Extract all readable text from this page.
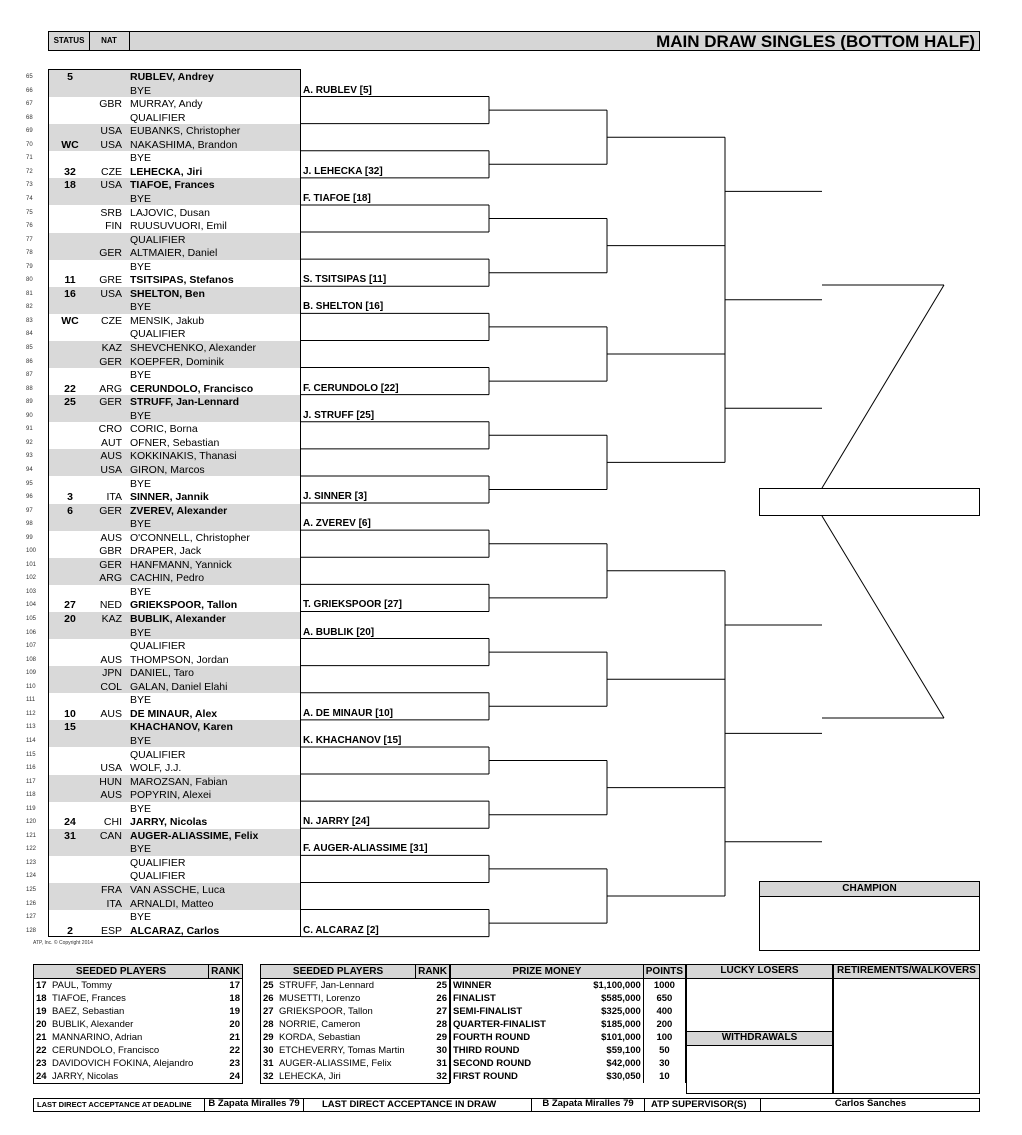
STATUS	NAT	MAIN DRAW SINGLES (BOTTOM HALF)
65	5	RUBLEV, Andrey
66	BYE
67	GBR MURRAY, Andy
68	QUALIFIER
69	USA EUBANKS, Christopher
70	WC	USA NAKASHIMA, Brandon
71	BYE
72	32	CZE LEHECKA, Jiri
73	18	USA TIAFOE, Frances
74	BYE
75	SRB LAJOVIC, Dusan
76	FIN RUUSUVUORI, Emil
77	QUALIFIER
78	GER ALTMAIER, Daniel
79	BYE
80	11	GRE TSITSIPAS, Stefanos
81	16	USA SHELTON, Ben
82	BYE
83	WC	CZE MENSIK, Jakub
84	QUALIFIER
85	KAZ SHEVCHENKO, Alexander
86	GER KOEPFER, Dominik
87	BYE
88	22	ARG CERUNDOLO, Francisco
89	25	GER STRUFF, Jan-Lennard
90	BYE
91	CRO CORIC, Borna
92	AUT OFNER, Sebastian
93	AUS KOKKINAKIS, Thanasi
94	USA GIRON, Marcos
95	BYE
96	3	ITA SINNER, Jannik
97	6	GER ZVEREV, Alexander
98	BYE
99	AUS O'CONNELL, Christopher
100	GBR DRAPER, Jack
101	GER HANFMANN, Yannick
102	ARG CACHIN, Pedro
103	BYE
104	27	NED GRIEKSPOOR, Tallon
105	20	KAZ BUBLIK, Alexander
106	BYE
107	QUALIFIER
108	AUS THOMPSON, Jordan
109	JPN DANIEL, Taro
110	COL GALAN, Daniel Elahi
111	BYE
112	10	AUS DE MINAUR, Alex
113	15	KHACHANOV, Karen
114	BYE
115	QUALIFIER
116	USA WOLF, J.J.
117	HUN MAROZSAN, Fabian
118	AUS POPYRIN, Alexei
119	BYE
120	24	CHI JARRY, Nicolas
121	31	CAN AUGER-ALIASSIME, Felix
122	BYE
123	QUALIFIER
124	QUALIFIER
125	FRA VAN ASSCHE, Luca
126	ITA ARNALDI, Matteo
127	BYE
128	2	ESP ALCARAZ, Carlos
A. RUBLEV [5]
J. LEHECKA [32]
F. TIAFOE [18]
S. TSITSIPAS [11]
B. SHELTON [16]
F. CERUNDOLO [22]
J. STRUFF [25]
J. SINNER [3]
A. ZVEREV [6]
T. GRIEKSPOOR [27]
A. BUBLIK [20]
A. DE MINAUR [10]
K. KHACHANOV [15]
N. JARRY [24]
F. AUGER-ALIASSIME [31]
C. ALCARAZ [2]
CHAMPION
ATP, Inc. © Copyright 2014
SEEDED PLAYERS		RANK
17	PAUL, Tommy	17
18	TIAFOE, Frances	18
19	BAEZ, Sebastian	19
20	BUBLIK, Alexander	20
21	MANNARINO, Adrian	21
22	CERUNDOLO, Francisco	22
23	DAVIDOVICH FOKINA, Alejandro	23
24	JARRY, Nicolas	24

SEEDED PLAYERS		RANK
25	STRUFF, Jan-Lennard	25
26	MUSETTI, Lorenzo	26
27	GRIEKSPOOR, Tallon	27
28	NORRIE, Cameron	28
29	KORDA, Sebastian	29
30	ETCHEVERRY, Tomas Martin	30
31	AUGER-ALIASSIME, Felix	31
32	LEHECKA, Jiri	32

PRIZE MONEY		POINTS
WINNER	$1,100,000	1000
FINALIST	$585,000	650
SEMI-FINALIST	$325,000	400
QUARTER-FINALIST	$185,000	200
FOURTH ROUND	$101,000	100
THIRD ROUND	$59,100	50
SECOND ROUND	$42,000	30
FIRST ROUND	$30,050	10
LUCKY LOSERS
WITHDRAWALS
RETIREMENTS/WALKOVERS
LAST DIRECT ACCEPTANCE AT DEADLINE	B Zapata Miralles 79	LAST DIRECT ACCEPTANCE IN DRAW	B Zapata Miralles 79	ATP SUPERVISOR(S)	Carlos Sanches
